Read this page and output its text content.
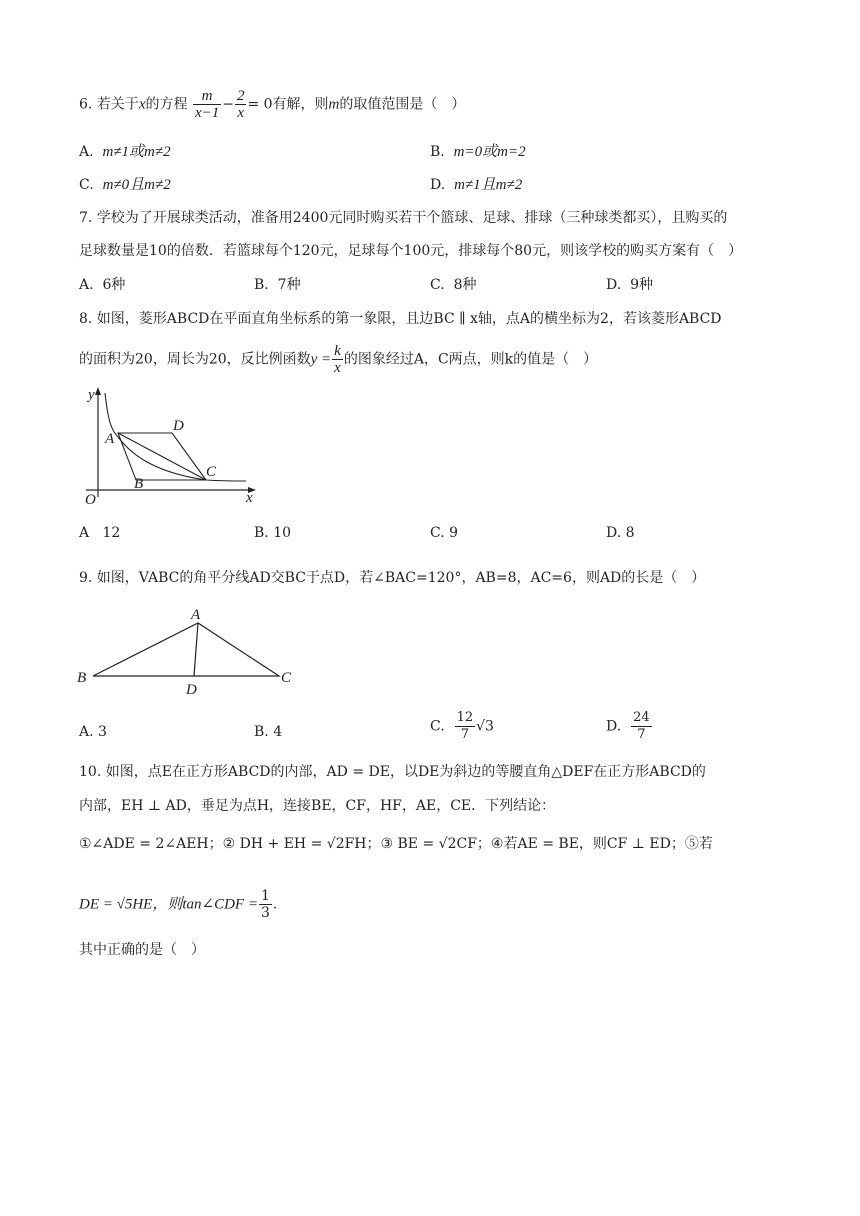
6. 若关于x的方程 $\frac{m}{x-1} - \frac{2}{x} = 0$有解，则m的取值范围是（　）
A. m≠1或m≠2	B. m=0或m=2
C. m≠0且m≠2	D. m≠1且m≠2
7. 学校为了开展球类活动，准备用2400元同时购买若干个篮球、足球、排球（三种球类都买），且购买的
足球数量是10的倍数．若篮球每个120元，足球每个100元，排球每个80元，则该学校的购买方案有（　）
A. 6种	B. 7种	C. 8种	D. 9种
8. 如图，菱形ABCD在平面直角坐标系的第一象限，且边BC ∥ x轴，点A的横坐标为2，若该菱形ABCD
的面积为20，周长为20，反比例函数$y = \frac{k}{x}$ 的图象经过A，C两点，则k的值是（　）
y
x
O
A
B
C
D
A 12	B. 10	C. 9	D. 8
9. 如图，VABC的角平分线AD交BC于点D，若∠BAC=120°，AB=8，AC=6，则AD的长是（　）
A
B	C
D
A. 3	B. 4	C. $\frac{12}{7} √3$	D. $\frac{24}{7}$
10. 如图，点E在正方形ABCD的内部，AD = DE，以DE为斜边的等腰直角△DEF在正方形ABCD的
内部，EH ⊥ AD，垂足为点H，连接BE，CF，HF，AE，CE．下列结论：
①∠ADE = 2∠AEH；② DH + EH = √2FH；③ BE = √2CF；④若AE = BE，则CF ⊥ ED；⑤若
DE = √5HE，则tan∠CDF = $\frac{1}{3}$ ．
其中正确的是（　）
